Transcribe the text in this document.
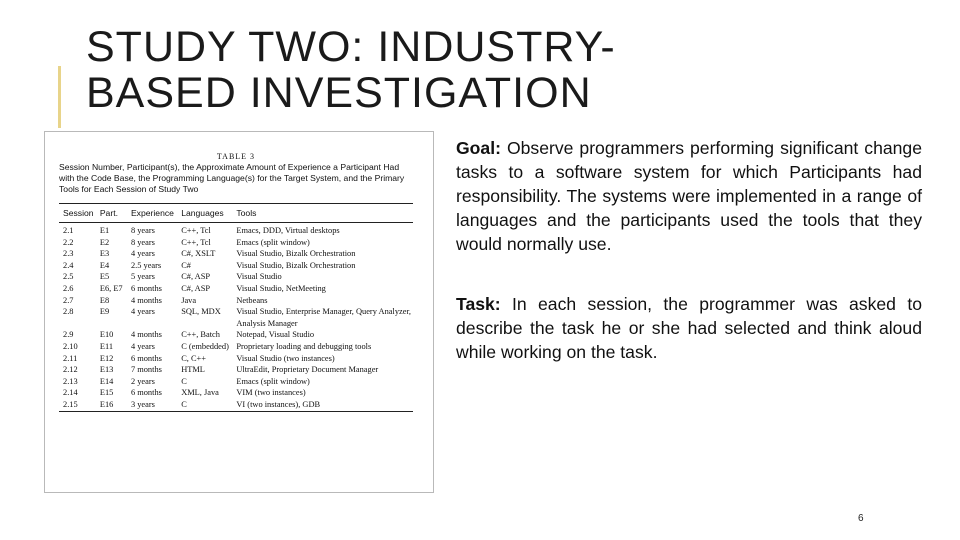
STUDY TWO: INDUSTRY-
BASED INVESTIGATION
TABLE 3
Session Number, Participant(s), the Approximate Amount of Experience a Participant Had with the Code Base, the Programming Language(s) for the Target System, and the Primary Tools for Each Session of Study Two
Session	Part.	Experience	Languages	Tools
2.1	E1	8 years	C++, Tcl	Emacs, DDD, Virtual desktops
2.2	E2	8 years	C++, Tcl	Emacs (split window)
2.3	E3	4 years	C#, XSLT	Visual Studio, Bizalk Orchestration
2.4	E4	2.5 years	C#	Visual Studio, Bizalk Orchestration
2.5	E5	5 years	C#, ASP	Visual Studio
2.6	E6, E7	6 months	C#, ASP	Visual Studio, NetMeeting
2.7	E8	4 months	Java	Netbeans
2.8	E9	4 years	SQL, MDX	Visual Studio, Enterprise Manager, Query Analyzer,
				Analysis Manager
2.9	E10	4 months	C++, Batch	Notepad, Visual Studio
2.10	E11	4 years	C (embedded)	Proprietary loading and debugging tools
2.11	E12	6 months	C, C++	Visual Studio (two instances)
2.12	E13	7 months	HTML	UltraEdit, Proprietary Document Manager
2.13	E14	2 years	C	Emacs (split window)
2.14	E15	6 months	XML, Java	VIM (two instances)
2.15	E16	3 years	C	VI (two instances), GDB

Goal: Observe programmers performing significant change tasks to a software system for which Participants had responsibility. The systems were implemented in a range of languages and the participants used the tools that they would normally use.

Task: In each session, the programmer was asked to describe the task he or she had selected and think aloud while working on the task.

6
